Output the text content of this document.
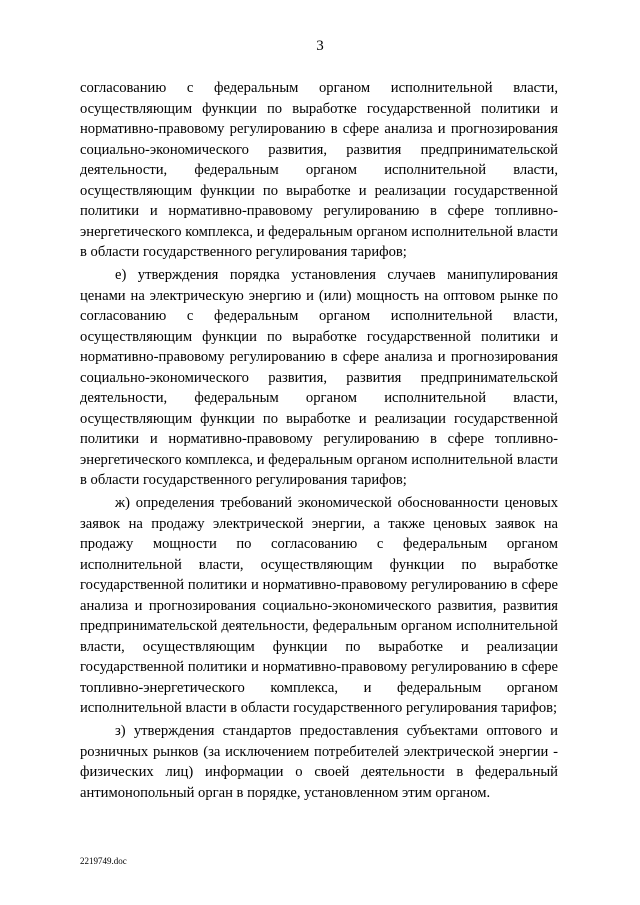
3

согласованию с федеральным органом исполнительной власти, осуществляющим функции по выработке государственной политики и нормативно-правовому регулированию в сфере анализа и прогнозирования социально-экономического развития, развития предпринимательской деятельности, федеральным органом исполнительной власти, осуществляющим функции по выработке и реализации государственной политики и нормативно-правовому регулированию в сфере топливно-энергетического комплекса, и федеральным органом исполнительной власти в области государственного регулирования тарифов;

е) утверждения порядка установления случаев манипулирования ценами на электрическую энергию и (или) мощность на оптовом рынке по согласованию с федеральным органом исполнительной власти, осуществляющим функции по выработке государственной политики и нормативно-правовому регулированию в сфере анализа и прогнозирования социально-экономического развития, развития предпринимательской деятельности, федеральным органом исполнительной власти, осуществляющим функции по выработке и реализации государственной политики и нормативно-правовому регулированию в сфере топливно-энергетического комплекса, и федеральным органом исполнительной власти в области государственного регулирования тарифов;

ж) определения требований экономической обоснованности ценовых заявок на продажу электрической энергии, а также ценовых заявок на продажу мощности по согласованию с федеральным органом исполнительной власти, осуществляющим функции по выработке государственной политики и нормативно-правовому регулированию в сфере анализа и прогнозирования социально-экономического развития, развития предпринимательской деятельности, федеральным органом исполнительной власти, осуществляющим функции по выработке и реализации государственной политики и нормативно-правовому регулированию в сфере топливно-энергетического комплекса, и федеральным органом исполнительной власти в области государственного регулирования тарифов;

з) утверждения стандартов предоставления субъектами оптового и розничных рынков (за исключением потребителей электрической энергии - физических лиц) информации о своей деятельности в федеральный антимонопольный орган в порядке, установленном этим органом.

2219749.doc
